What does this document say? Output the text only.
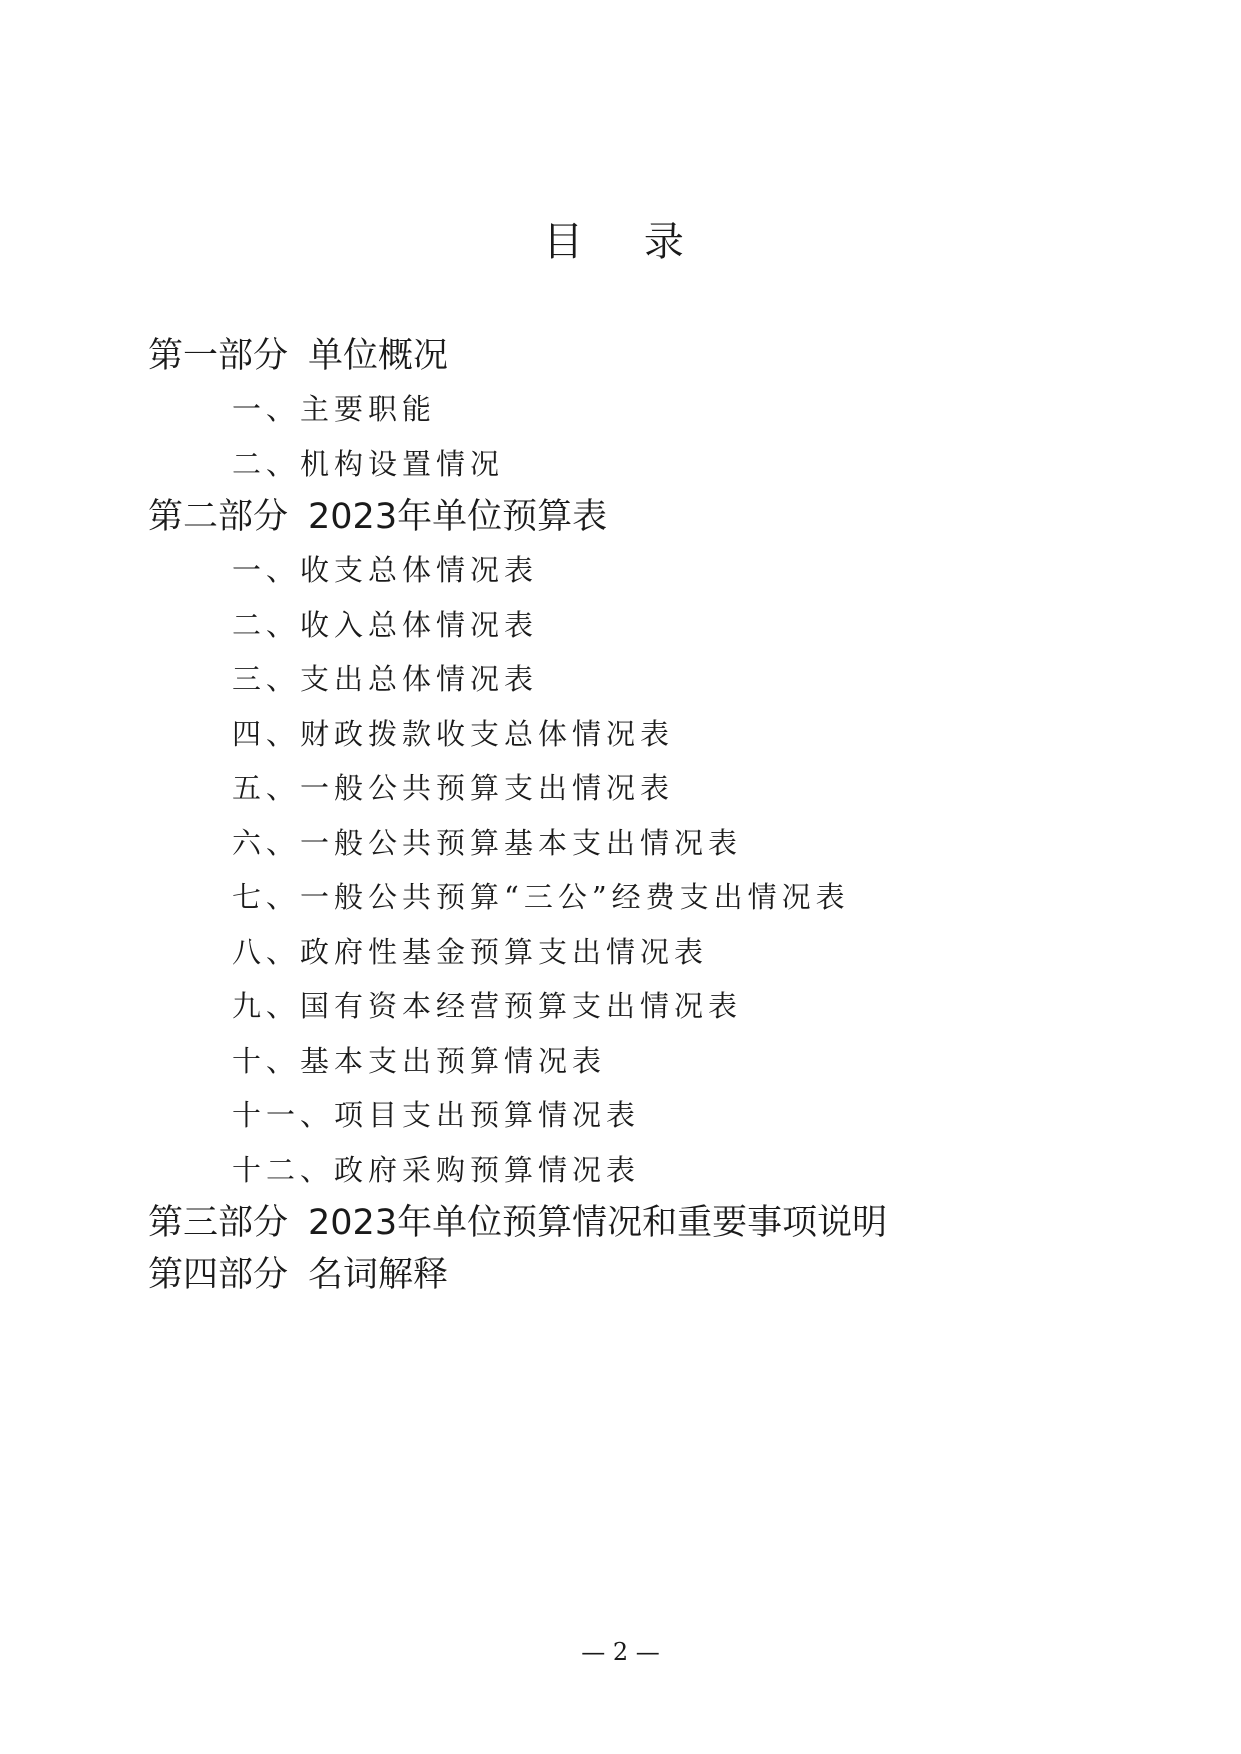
目 录
第一部分 单位概况
一、主要职能
二、机构设置情况
第二部分 2023年单位预算表
一、收支总体情况表
二、收入总体情况表
三、支出总体情况表
四、财政拨款收支总体情况表
五、一般公共预算支出情况表
六、一般公共预算基本支出情况表
七、一般公共预算“三公”经费支出情况表
八、政府性基金预算支出情况表
九、国有资本经营预算支出情况表
十、基本支出预算情况表
十一、项目支出预算情况表
十二、政府采购预算情况表
第三部分 2023年单位预算情况和重要事项说明
第四部分 名词解释
— 2 —
